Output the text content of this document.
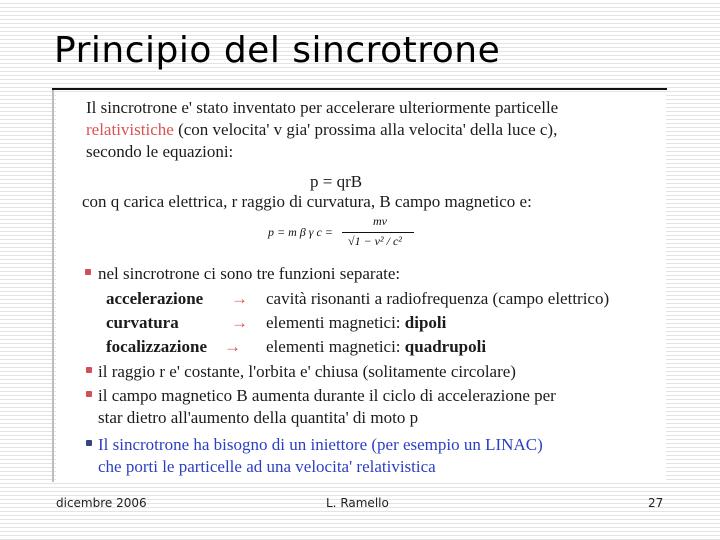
Principio del sincrotrone
Il sincrotrone e' stato inventato per accelerare ulteriormente particelle
relativistiche (con velocita' v gia' prossima alla velocita' della luce c),
secondo le equazioni:
p = qrB
con q carica elettrica, r raggio di curvatura, B campo magnetico e:
p = m β γ c =
mv
√1 − v² / c²
nel sincrotrone ci sono tre funzioni separate:
accelerazione → cavità risonanti a radiofrequenza (campo elettrico)
curvatura	→ elementi magnetici: dipoli
focalizzazione → elementi magnetici: quadrupoli
il raggio r e' costante, l'orbita e' chiusa (solitamente circolare)
il campo magnetico B aumenta durante il ciclo di accelerazione per
star dietro all'aumento della quantita' di moto p
Il sincrotrone ha bisogno di un iniettore (per esempio un LINAC)
che porti le particelle ad una velocita' relativistica
dicembre 2006	L. Ramello	27
